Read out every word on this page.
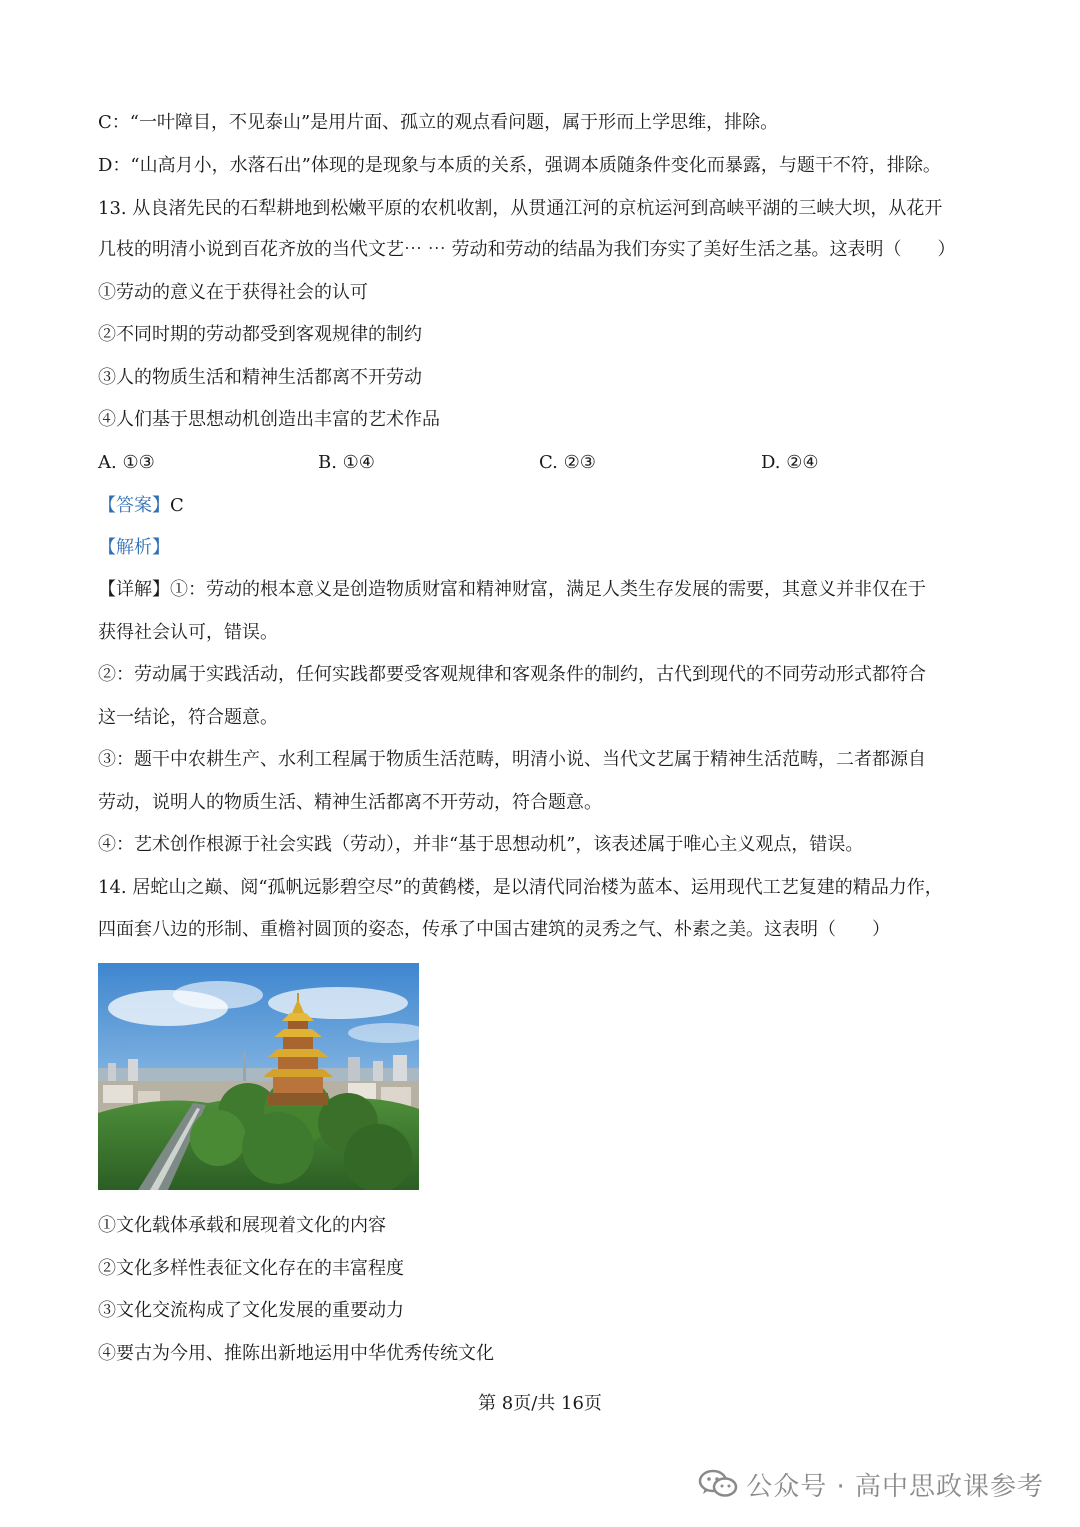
C：“一叶障目，不见泰山”是用片面、孤立的观点看问题，属于形而上学思维，排除。
D：“山高月小，水落石出”体现的是现象与本质的关系，强调本质随条件变化而暴露，与题干不符，排除。
13. 从良渚先民的石犁耕地到松嫩平原的农机收割，从贯通江河的京杭运河到高峡平湖的三峡大坝，从花开
几枝的明清小说到百花齐放的当代文艺⋯ ⋯ 劳动和劳动的结晶为我们夯实了美好生活之基。这表明（　　）
①劳动的意义在于获得社会的认可
②不同时期的劳动都受到客观规律的制约
③人的物质生活和精神生活都离不开劳动
④人们基于思想动机创造出丰富的艺术作品
A. ①③	B. ①④	C. ②③	D. ②④
【答案】C
【解析】
【详解】①：劳动的根本意义是创造物质财富和精神财富，满足人类生存发展的需要，其意义并非仅在于
获得社会认可，错误。
②：劳动属于实践活动，任何实践都要受客观规律和客观条件的制约，古代到现代的不同劳动形式都符合
这一结论，符合题意。
③：题干中农耕生产、水利工程属于物质生活范畴，明清小说、当代文艺属于精神生活范畴，二者都源自
劳动，说明人的物质生活、精神生活都离不开劳动，符合题意。
④：艺术创作根源于社会实践（劳动），并非“基于思想动机”，该表述属于唯心主义观点，错误。
14. 居蛇山之巅、阅“孤帆远影碧空尽”的黄鹤楼，是以清代同治楼为蓝本、运用现代工艺复建的精品力作，
四面套八边的形制、重檐衬圆顶的姿态，传承了中国古建筑的灵秀之气、朴素之美。这表明（　　）
①文化载体承载和展现着文化的内容
②文化多样性表征文化存在的丰富程度
③文化交流构成了文化发展的重要动力
④要古为今用、推陈出新地运用中华优秀传统文化
第 8页/共 16页
公众号 · 高中思政课参考
